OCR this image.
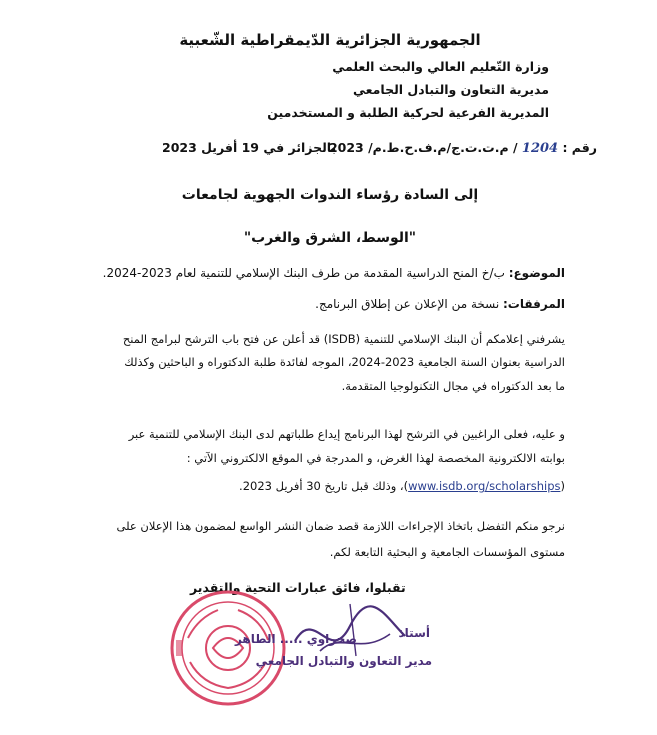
الجمهورية الجزائرية الدّيمقراطية الشّعبية
وزارة التّعليم العالي والبحث العلمي
مديرية التعاون والتبادل الجامعي
المديرية الفرعية لحركية الطلبة و المستخدمين
رقم : 1204 / م.ت.ت.ج/م.ف.ح.ط.م/ 2023
بالجزائر في 19 أفريل 2023
إلى السادة رؤساء الندوات الجهوية لجامعات
"الوسط، الشرق والغرب"
الموضوع: ب/خ المنح الدراسية المقدمة من طرف البنك الإسلامي للتنمية لعام 2023-2024.
المرفقات: نسخة من الإعلان عن إطلاق البرنامج.
يشرفني إعلامكم أن البنك الإسلامي للتنمية (ISDB) قد أعلن عن فتح باب الترشح لبرامج المنح
الدراسية بعنوان السنة الجامعية 2023-2024، الموجه لفائدة طلبة الدكتوراه و الباحثين وكذلك
ما بعد الدكتوراه في مجال التكنولوجيا المتقدمة.
و عليه، فعلى الراغبين في الترشح لهذا البرنامج إيداع طلباتهم لدى البنك الإسلامي للتنمية عبر
بوابته الالكترونية المخصصة لهذا الغرض، و المدرجة في الموقع الالكتروني الآتي :
(www.isdb.org/scholarships)، وذلك قبل تاريخ 30 أفريل 2023.
نرجو منكم التفضل باتخاذ الإجراءات اللازمة قصد ضمان النشر الواسع لمضمون هذا الإعلان على
مستوى المؤسسات الجامعية و البحثية التابعة لكم.
تقبلوا، فائق عبارات التحية والتقدير
أستاذ
صحراوي ..... الطاهر
مدير التعاون والتبادل الجامعي
